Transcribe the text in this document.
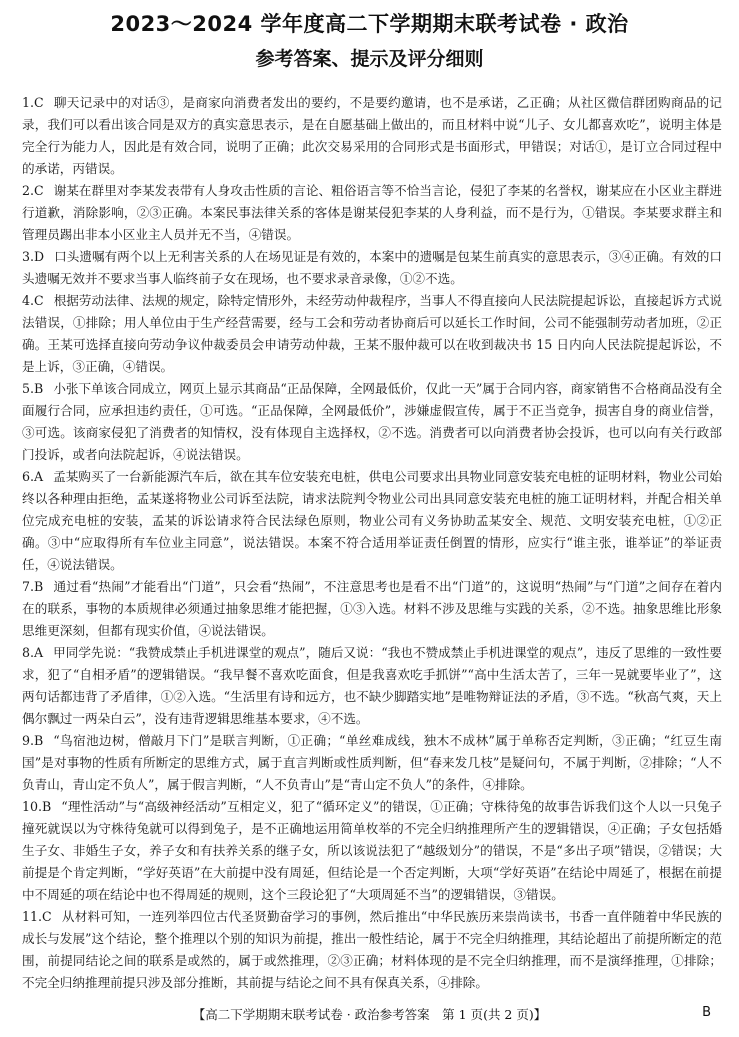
2023～2024 学年度高二下学期期末联考试卷 · 政治
参考答案、提示及评分细则

1.C 聊天记录中的对话③，是商家向消费者发出的要约，不是要约邀请，也不是承诺，乙正确；从社区微信群团购商品的记录，我们可以看出该合同是双方的真实意思表示，是在自愿基础上做出的，而且材料中说“儿子、女儿都喜欢吃”，说明主体是完全行为能力人，因此是有效合同，说明了正确；此次交易采用的合同形式是书面形式，甲错误；对话①，是订立合同过程中的承诺，丙错误。

2.C 谢某在群里对李某发表带有人身攻击性质的言论、粗俗语言等不恰当言论，侵犯了李某的名誉权，谢某应在小区业主群进行道歉，消除影响，②③正确。本案民事法律关系的客体是谢某侵犯李某的人身利益，而不是行为，①错误。李某要求群主和管理员踢出非本小区业主人员并无不当，④错误。

3.D 口头遗嘱有两个以上无利害关系的人在场见证是有效的，本案中的遗嘱是包某生前真实的意思表示，③④正确。有效的口头遗嘱无效并不要求当事人临终前子女在现场，也不要求录音录像，①②不选。

4.C 根据劳动法律、法规的规定，除特定情形外，未经劳动仲裁程序，当事人不得直接向人民法院提起诉讼，直接起诉方式说法错误，①排除；用人单位由于生产经营需要，经与工会和劳动者协商后可以延长工作时间，公司不能强制劳动者加班，②正确。王某可选择直接向劳动争议仲裁委员会申请劳动仲裁，王某不服仲裁可以在收到裁决书 15 日内向人民法院提起诉讼，不是上诉，③正确，④错误。

5.B 小张下单该合同成立，网页上显示其商品“正品保障，全网最低价，仅此一天”属于合同内容，商家销售不合格商品没有全面履行合同，应承担违约责任，①可选。“正品保障，全网最低价”，涉嫌虚假宣传，属于不正当竞争，损害自身的商业信誉，③可选。该商家侵犯了消费者的知情权，没有体现自主选择权，②不选。消费者可以向消费者协会投诉，也可以向有关行政部门投诉，或者向法院起诉，④说法错误。

6.A 孟某购买了一台新能源汽车后，欲在其车位安装充电桩，供电公司要求出具物业同意安装充电桩的证明材料，物业公司始终以各种理由拒绝，孟某遂将物业公司诉至法院，请求法院判令物业公司出具同意安装充电桩的施工证明材料，并配合相关单位完成充电桩的安装，孟某的诉讼请求符合民法绿色原则，物业公司有义务协助孟某安全、规范、文明安装充电桩，①②正确。③中“应取得所有车位业主同意”，说法错误。本案不符合适用举证责任倒置的情形，应实行“谁主张，谁举证”的举证责任，④说法错误。

7.B 通过看“热闹”才能看出“门道”，只会看“热闹”，不注意思考也是看不出“门道”的，这说明“热闹”与“门道”之间存在着内在的联系，事物的本质规律必须通过抽象思维才能把握，①③入选。材料不涉及思维与实践的关系，②不选。抽象思维比形象思维更深刻，但都有现实价值，④说法错误。

8.A 甲同学先说：“我赞成禁止手机进课堂的观点”，随后又说：“我也不赞成禁止手机进课堂的观点”，违反了思维的一致性要求，犯了“自相矛盾”的逻辑错误。“我早餐不喜欢吃面食，但是我喜欢吃手抓饼”“高中生活太苦了，三年一晃就要毕业了”，这两句话都违背了矛盾律，①②入选。“生活里有诗和远方，也不缺少脚踏实地”是唯物辩证法的矛盾，③不选。“秋高气爽，天上偶尔飘过一两朵白云”，没有违背逻辑思维基本要求，④不选。

9.B “鸟宿池边树，僧敲月下门”是联言判断，①正确；“单丝难成线，独木不成林”属于单称否定判断，③正确；“红豆生南国”是对事物的性质有所断定的思维方式，属于直言判断或性质判断，但“春来发几枝”是疑问句，不属于判断，②排除；“人不负青山，青山定不负人”，属于假言判断，“人不负青山”是“青山定不负人”的条件，④排除。

10.B “理性活动”与“高级神经活动”互相定义，犯了“循环定义”的错误，①正确；守株待兔的故事告诉我们这个人以一只兔子撞死就误以为守株待兔就可以得到兔子，是不正确地运用简单枚举的不完全归纳推理所产生的逻辑错误，④正确；子女包括婚生子女、非婚生子女，养子女和有扶养关系的继子女，所以该说法犯了“越级划分”的错误，不是“多出子项”错误，②错误；大前提是个肯定判断，“学好英语”在大前提中没有周延，但结论是一个否定判断，大项“学好英语”在结论中周延了，根据在前提中不周延的项在结论中也不得周延的规则，这个三段论犯了“大项周延不当”的逻辑错误，③错误。

11.C 从材料可知，一连列举四位古代圣贤勤奋学习的事例，然后推出“中华民族历来崇尚读书，书香一直伴随着中华民族的成长与发展”这个结论，整个推理以个别的知识为前提，推出一般性结论，属于不完全归纳推理，其结论超出了前提所断定的范围，前提同结论之间的联系是或然的，属于或然推理，②③正确；材料体现的是不完全归纳推理，而不是演绎推理，①排除；不完全归纳推理前提只涉及部分推断，其前提与结论之间不具有保真关系，④排除。

【高二下学期期末联考试卷 · 政治参考答案　第 1 页(共 2 页)】	B
